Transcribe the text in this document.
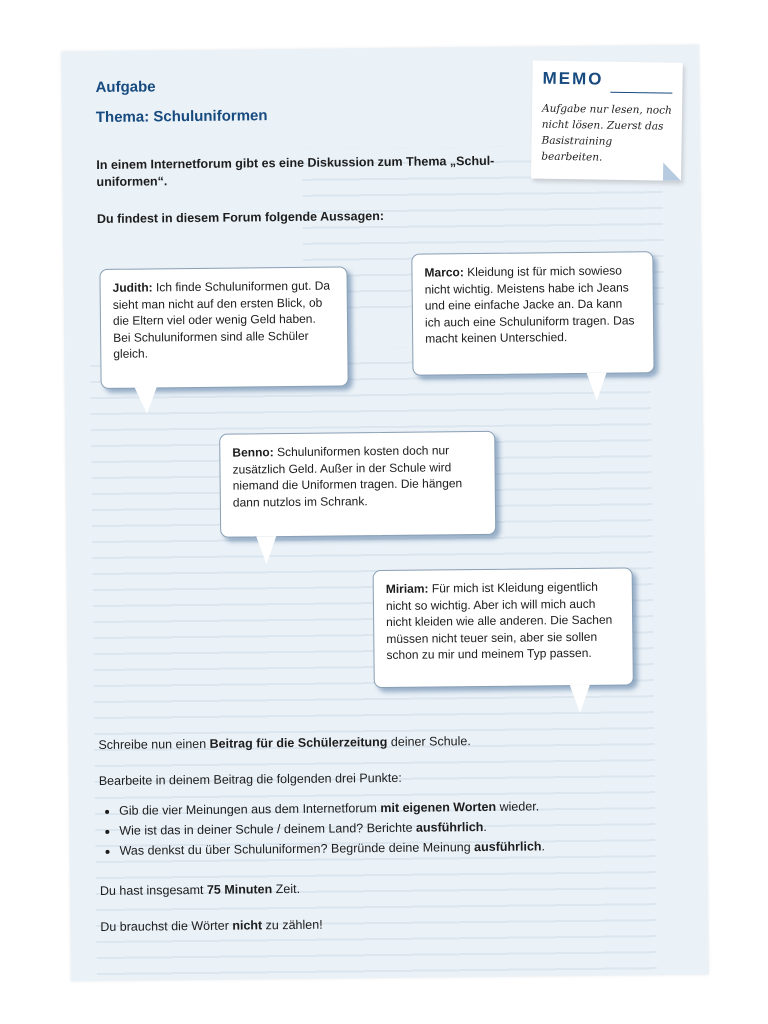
Aufgabe
Thema: Schuluniformen
MEMO
Aufgabe nur lesen, noch nicht lösen. Zuerst das Basistraining bearbeiten.
In einem Internetforum gibt es eine Diskussion zum Thema „Schul-uniformen“.
Du findest in diesem Forum folgende Aussagen:
Judith: Ich finde Schuluniformen gut. Da sieht man nicht auf den ersten Blick, ob die Eltern viel oder wenig Geld haben. Bei Schuluniformen sind alle Schüler gleich.
Marco: Kleidung ist für mich sowieso nicht wichtig. Meistens habe ich Jeans und eine einfache Jacke an. Da kann ich auch eine Schuluniform tragen. Das macht keinen Unterschied.
Benno: Schuluniformen kosten doch nur zusätzlich Geld. Außer in der Schule wird niemand die Uniformen tragen. Die hängen dann nutzlos im Schrank.
Miriam: Für mich ist Kleidung eigentlich nicht so wichtig. Aber ich will mich auch nicht kleiden wie alle anderen. Die Sachen müssen nicht teuer sein, aber sie sollen schon zu mir und meinem Typ passen.
Schreibe nun einen Beitrag für die Schülerzeitung deiner Schule.
Bearbeite in deinem Beitrag die folgenden drei Punkte:
• Gib die vier Meinungen aus dem Internetforum mit eigenen Worten wieder.
• Wie ist das in deiner Schule / deinem Land? Berichte ausführlich.
• Was denkst du über Schuluniformen? Begründe deine Meinung ausführlich.
Du hast insgesamt 75 Minuten Zeit.
Du brauchst die Wörter nicht zu zählen!
